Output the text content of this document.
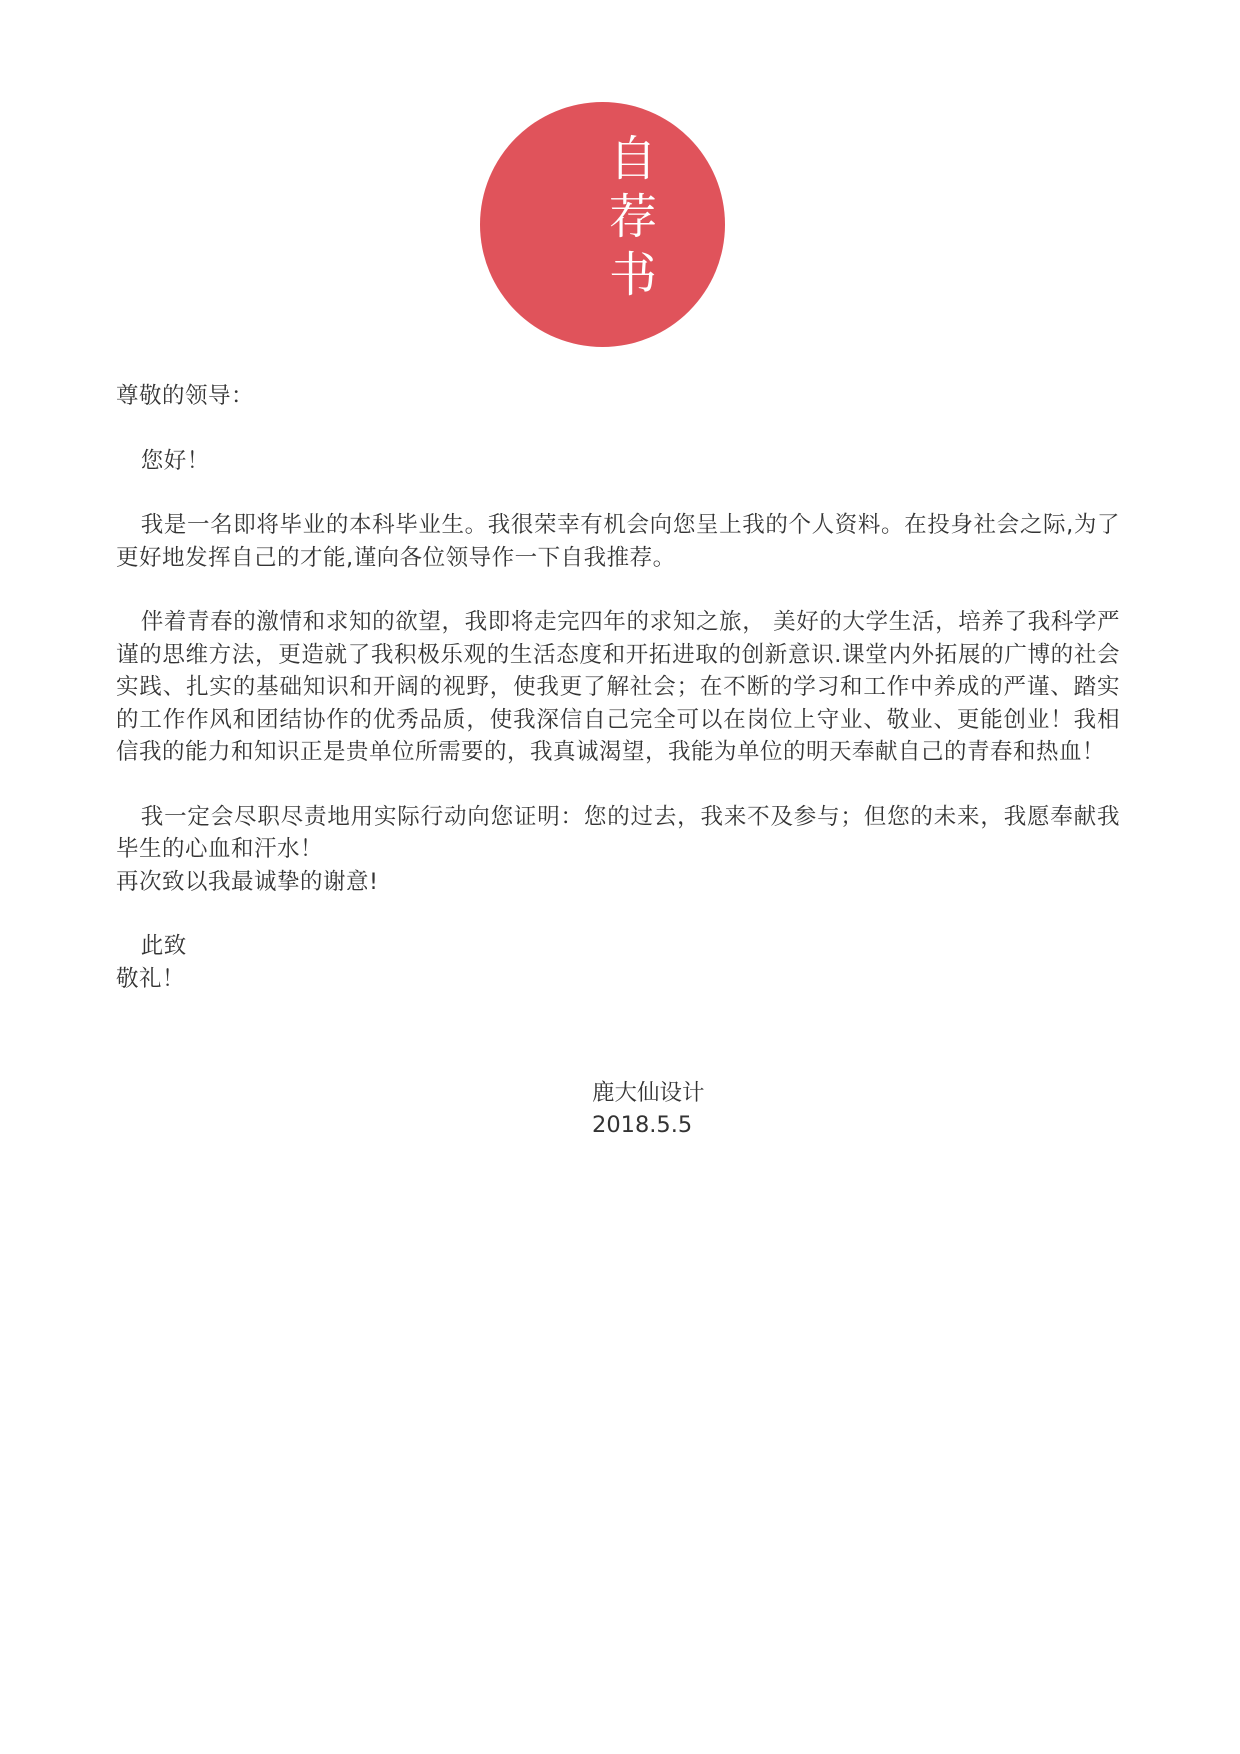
自荐书

尊敬的领导：

您好！

我是一名即将毕业的本科毕业生。我很荣幸有机会向您呈上我的个人资料。在投身社会之际,为了更好地发挥自己的才能,谨向各位领导作一下自我推荐。

伴着青春的激情和求知的欲望，我即将走完四年的求知之旅， 美好的大学生活，培养了我科学严谨的思维方法，更造就了我积极乐观的生活态度和开拓进取的创新意识.课堂内外拓展的广博的社会实践、扎实的基础知识和开阔的视野，使我更了解社会；在不断的学习和工作中养成的严谨、踏实的工作作风和团结协作的优秀品质，使我深信自己完全可以在岗位上守业、敬业、更能创业！我相信我的能力和知识正是贵单位所需要的，我真诚渴望，我能为单位的明天奉献自己的青春和热血！

我一定会尽职尽责地用实际行动向您证明：您的过去，我来不及参与；但您的未来，我愿奉献我毕生的心血和汗水！

再次致以我最诚挚的谢意!

此致

敬礼！

鹿大仙设计
2018.5.5
